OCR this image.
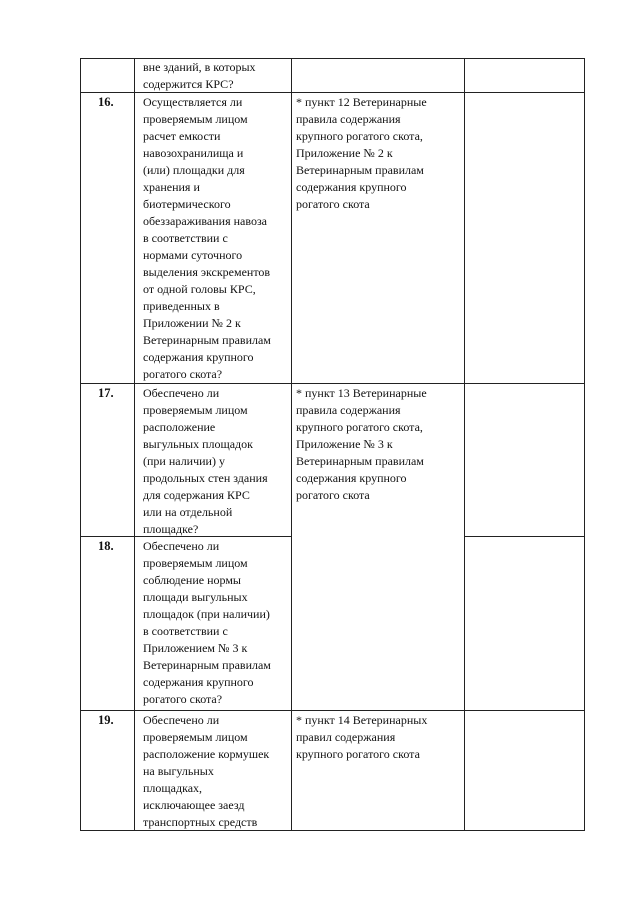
вне зданий, в которых
содержится КРС?
16. Осуществляется ли
проверяемым лицом
расчет емкости
навозохранилища и
(или) площадки для
хранения и
биотермического
обеззараживания навоза
в соответствии с
нормами суточного
выделения экскрементов
от одной головы КРС,
приведенных в
Приложении № 2 к
Ветеринарным правилам
содержания крупного
рогатого скота?
* пункт 12 Ветеринарные
правила содержания
крупного рогатого скота,
Приложение № 2 к
Ветеринарным правилам
содержания крупного
рогатого скота
17. Обеспечено ли
проверяемым лицом
расположение
выгульных площадок
(при наличии) у
продольных стен здания
для содержания КРС
или на отдельной
площадке?
* пункт 13 Ветеринарные
правила содержания
крупного рогатого скота,
Приложение № 3 к
Ветеринарным правилам
содержания крупного
рогатого скота
18. Обеспечено ли
проверяемым лицом
соблюдение нормы
площади выгульных
площадок (при наличии)
в соответствии с
Приложением № 3 к
Ветеринарным правилам
содержания крупного
рогатого скота?
19. Обеспечено ли
проверяемым лицом
расположение кормушек
на выгульных
площадках,
исключающее заезд
транспортных средств
* пункт 14 Ветеринарных
правил содержания
крупного рогатого скота
